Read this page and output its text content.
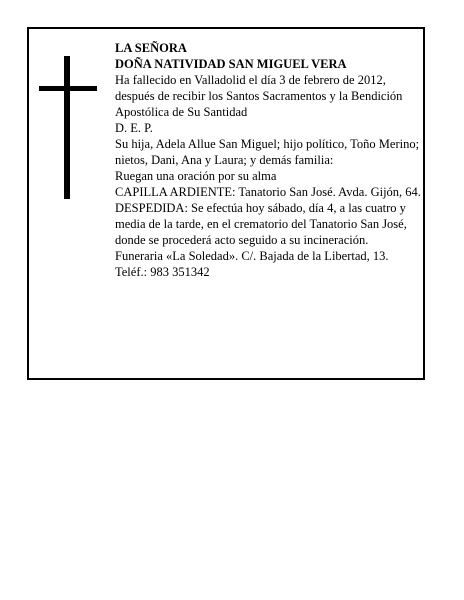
LA SEÑORA

DOÑA NATIVIDAD SAN MIGUEL VERA

Ha fallecido en Valladolid el día 3 de febrero de 2012, después de recibir los Santos Sacramentos y la Bendición Apostólica de Su Santidad

D. E. P.

Su hija, Adela Allue San Miguel; hijo político, Toño Merino; nietos, Dani, Ana y Laura; y demás familia:

Ruegan una oración por su alma

CAPILLA ARDIENTE: Tanatorio San José. Avda. Gijón, 64.

DESPEDIDA: Se efectúa hoy sábado, día 4, a las cuatro y media de la tarde, en el crematorio del Tanatorio San José, donde se procederá acto seguido a su incineración.

Funeraria «La Soledad». C/. Bajada de la Libertad, 13. Teléf.: 983 351342
